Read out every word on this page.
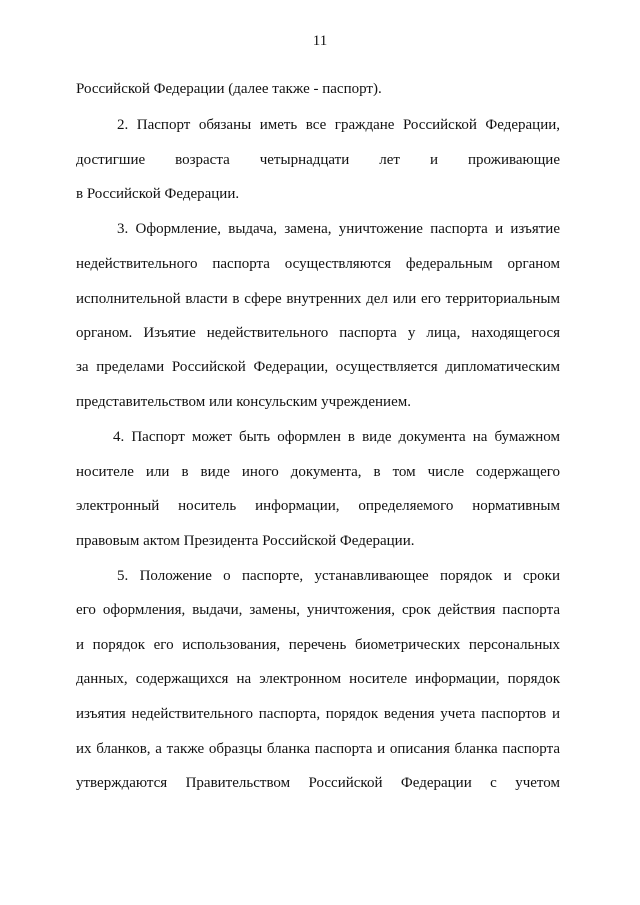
11
Российской Федерации (далее также - паспорт).
2. Паспорт обязаны иметь все граждане Российской Федерации,
достигшие возраста четырнадцати лет и проживающие
в Российской Федерации.
3. Оформление, выдача, замена, уничтожение паспорта и изъятие
недействительного паспорта осуществляются федеральным органом
исполнительной власти в сфере внутренних дел или его территориальным
органом. Изъятие недействительного паспорта у лица, находящегося
за пределами Российской Федерации, осуществляется дипломатическим
представительством или консульским учреждением.
4. Паспорт может быть оформлен в виде документа на бумажном
носителе или в виде иного документа, в том числе содержащего
электронный носитель информации, определяемого нормативным
правовым актом Президента Российской Федерации.
5. Положение о паспорте, устанавливающее порядок и сроки
его оформления, выдачи, замены, уничтожения, срок действия паспорта
и порядок его использования, перечень биометрических персональных
данных, содержащихся на электронном носителе информации, порядок
изъятия недействительного паспорта, порядок ведения учета паспортов и
их бланков, а также образцы бланка паспорта и описания бланка паспорта
утверждаются Правительством Российской Федерации с учетом
